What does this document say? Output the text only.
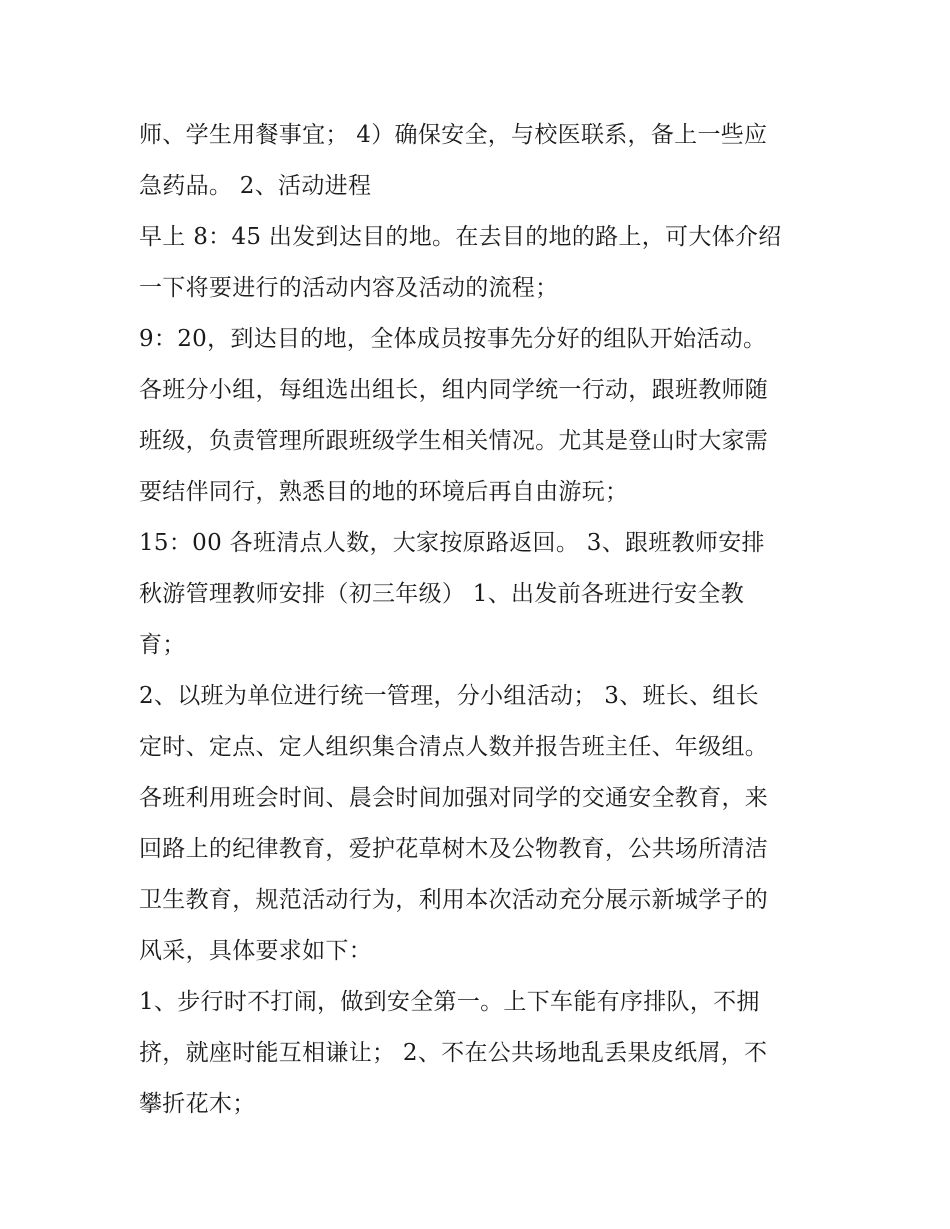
师、学生用餐事宜； 4）确保安全，与校医联系，备上一些应
急药品。 2、活动进程
早上 8：45 出发到达目的地。在去目的地的路上，可大体介绍
一下将要进行的活动内容及活动的流程；
9：20，到达目的地，全体成员按事先分好的组队开始活动。
各班分小组，每组选出组长，组内同学统一行动，跟班教师随
班级，负责管理所跟班级学生相关情况。尤其是登山时大家需
要结伴同行，熟悉目的地的环境后再自由游玩；
15：00 各班清点人数，大家按原路返回。 3、跟班教师安排
秋游管理教师安排（初三年级） 1、出发前各班进行安全教
育；
2、以班为单位进行统一管理，分小组活动； 3、班长、组长
定时、定点、定人组织集合清点人数并报告班主任、年级组。
各班利用班会时间、晨会时间加强对同学的交通安全教育，来
回路上的纪律教育，爱护花草树木及公物教育，公共场所清洁
卫生教育，规范活动行为，利用本次活动充分展示新城学子的
风采，具体要求如下：
1、步行时不打闹，做到安全第一。上下车能有序排队，不拥
挤，就座时能互相谦让； 2、不在公共场地乱丢果皮纸屑，不
攀折花木；
